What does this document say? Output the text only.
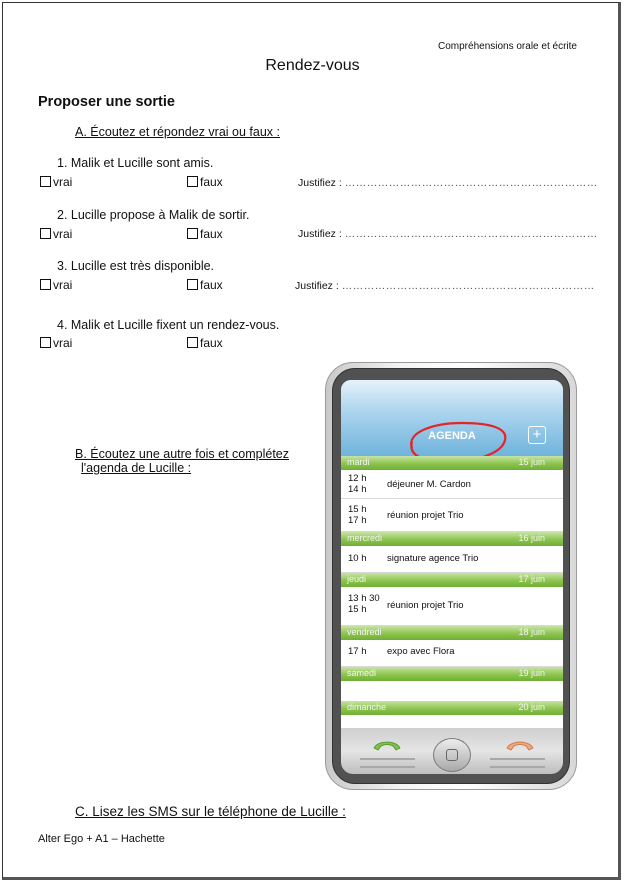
Compréhensions orale et écrite
Rendez-vous
Proposer une sortie
A. Écoutez et répondez vrai ou faux :
1. Malik et Lucille sont amis.
vrai	faux	Justifiez : ……………………………………………………………
2. Lucille propose à Malik de sortir.
vrai	faux	Justifiez : ……………………………………………………………
3. Lucille est très disponible.
vrai	faux	Justifiez : ……………………………………………………………
4. Malik et Lucille fixent un rendez-vous.
vrai	faux
B. Écoutez une autre fois et complétez
l'agenda de Lucille :
AGENDA	+
mardi	15 juin
12 h
14 h déjeuner M. Cardon
15 h
17 h réunion projet Trio
mercredi	16 juin
10 h signature agence Trio
jeudi	17 juin
13 h 30
15 h	réunion projet Trio
vendredi	18 juin
17 h expo avec Flora
samedi	19 juin
dimanche	20 juin
C. Lisez les SMS sur le téléphone de Lucille :
Alter Ego + A1 – Hachette
